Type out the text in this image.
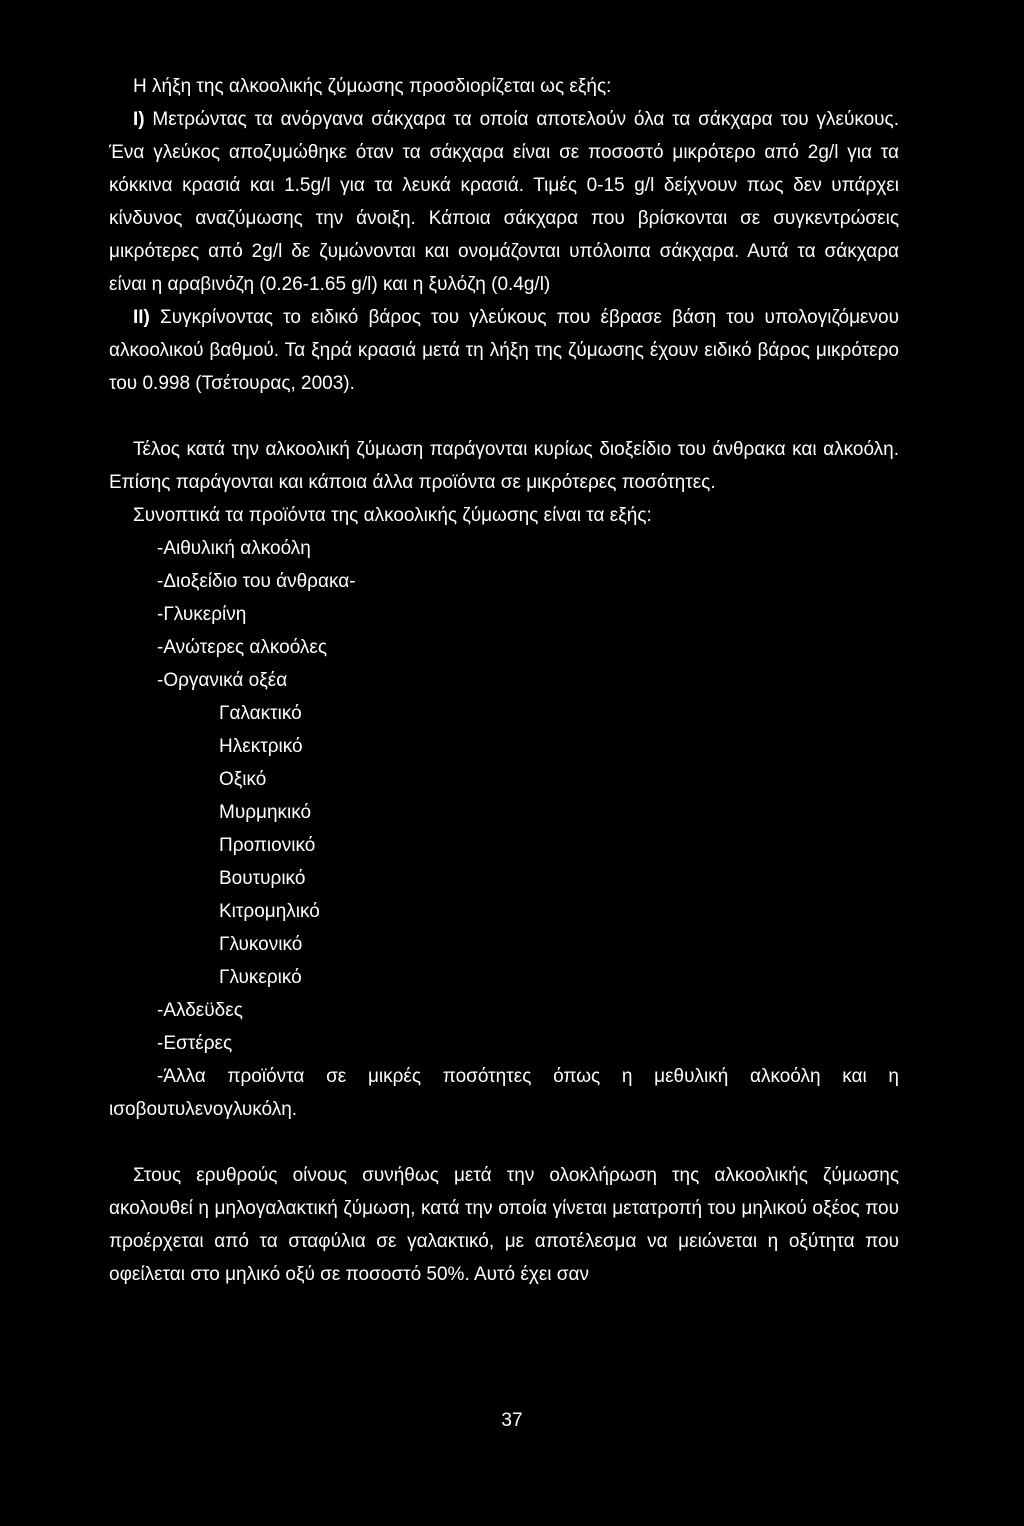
Η λήξη της αλκοολικής ζύμωσης προσδιορίζεται ως εξής:

Ι) Μετρώντας τα ανόργανα σάκχαρα τα οποία αποτελούν όλα τα σάκχαρα του γλεύκους. Ένα γλεύκος αποζυμώθηκε όταν τα σάκχαρα είναι σε ποσοστό μικρότερο από 2g/l για τα κόκκινα κρασιά και 1.5g/l για τα λευκά κρασιά. Τιμές 0-15 g/l δείχνουν πως δεν υπάρχει κίνδυνος αναζύμωσης την άνοιξη. Κάποια σάκχαρα που βρίσκονται σε συγκεντρώσεις μικρότερες από 2g/l δε ζυμώνονται και ονομάζονται υπόλοιπα σάκχαρα. Αυτά τα σάκχαρα είναι η αραβινόζη (0.26-1.65 g/l) και η ξυλόζη (0.4g/l)

ΙΙ) Συγκρίνοντας το ειδικό βάρος του γλεύκους που έβρασε βάση του υπολογιζόμενου αλκοολικού βαθμού. Τα ξηρά κρασιά μετά τη λήξη της ζύμωσης έχουν ειδικό βάρος μικρότερο του 0.998 (Τσέτουρας, 2003).

Τέλος κατά την αλκοολική ζύμωση παράγονται κυρίως διοξείδιο του άνθρακα και αλκοόλη. Επίσης παράγονται και κάποια άλλα προϊόντα σε μικρότερες ποσότητες.

Συνοπτικά τα προϊόντα της αλκοολικής ζύμωσης είναι τα εξής:

-Αιθυλική αλκοόλη

-Διοξείδιο του άνθρακα-

-Γλυκερίνη

-Ανώτερες αλκοόλες

-Οργανικά οξέα

Γαλακτικό

Ηλεκτρικό

Οξικό

Μυρμηκικό

Προπιονικό

Βουτυρικό

Κιτρομηλικό

Γλυκονικό

Γλυκερικό

-Αλδεϋδες

-Εστέρες

-Άλλα προϊόντα σε μικρές ποσότητες όπως η μεθυλική αλκοόλη και η ισοβουτυλενογλυκόλη.

Στους ερυθρούς οίνους συνήθως μετά την ολοκλήρωση της αλκοολικής ζύμωσης ακολουθεί η μηλογαλακτική ζύμωση, κατά την οποία γίνεται μετατροπή του μηλικού οξέος που προέρχεται από τα σταφύλια σε γαλακτικό, με αποτέλεσμα να μειώνεται η οξύτητα που οφείλεται στο μηλικό οξύ σε ποσοστό 50%. Αυτό έχει σαν

37
